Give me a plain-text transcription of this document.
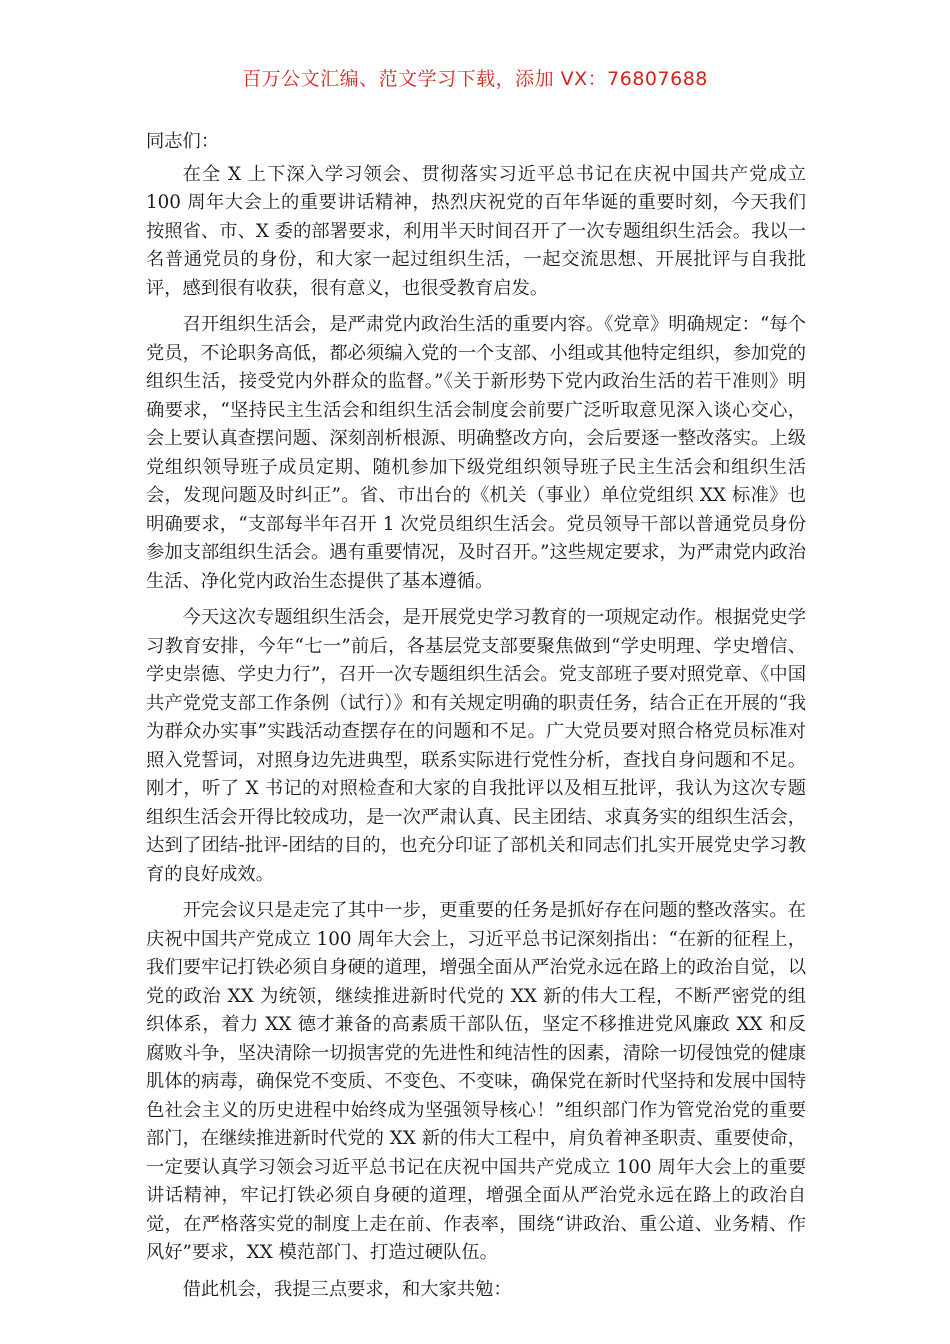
百万公文汇编、范文学习下载，添加 VX：76807688

同志们：

在全 X 上下深入学习领会、贯彻落实习近平总书记在庆祝中国共产党成立 100 周年大会上的重要讲话精神，热烈庆祝党的百年华诞的重要时刻，今天我们按照省、市、X 委的部署要求，利用半天时间召开了一次专题组织生活会。我以一名普通党员的身份，和大家一起过组织生活，一起交流思想、开展批评与自我批评，感到很有收获，很有意义，也很受教育启发。

召开组织生活会，是严肃党内政治生活的重要内容。《党章》明确规定：“每个党员，不论职务高低，都必须编入党的一个支部、小组或其他特定组织，参加党的组织生活，接受党内外群众的监督。”《关于新形势下党内政治生活的若干准则》明确要求，“坚持民主生活会和组织生活会制度会前要广泛听取意见深入谈心交心，会上要认真查摆问题、深刻剖析根源、明确整改方向，会后要逐一整改落实。上级党组织领导班子成员定期、随机参加下级党组织领导班子民主生活会和组织生活会，发现问题及时纠正”。省、市出台的《机关（事业）单位党组织 XX 标准》也明确要求，“支部每半年召开 1 次党员组织生活会。党员领导干部以普通党员身份参加支部组织生活会。遇有重要情况，及时召开。”这些规定要求，为严肃党内政治生活、净化党内政治生态提供了基本遵循。

今天这次专题组织生活会，是开展党史学习教育的一项规定动作。根据党史学习教育安排，今年“七一”前后，各基层党支部要聚焦做到“学史明理、学史增信、学史崇德、学史力行”，召开一次专题组织生活会。党支部班子要对照党章、《中国共产党党支部工作条例（试行）》和有关规定明确的职责任务，结合正在开展的“我为群众办实事”实践活动查摆存在的问题和不足。广大党员要对照合格党员标准对照入党誓词，对照身边先进典型，联系实际进行党性分析，查找自身问题和不足。刚才，听了 X 书记的对照检查和大家的自我批评以及相互批评，我认为这次专题组织生活会开得比较成功，是一次严肃认真、民主团结、求真务实的组织生活会，达到了团结-批评-团结的目的，也充分印证了部机关和同志们扎实开展党史学习教育的良好成效。

开完会议只是走完了其中一步，更重要的任务是抓好存在问题的整改落实。在庆祝中国共产党成立 100 周年大会上，习近平总书记深刻指出：“在新的征程上，我们要牢记打铁必须自身硬的道理，增强全面从严治党永远在路上的政治自觉，以党的政治 XX 为统领，继续推进新时代党的 XX 新的伟大工程，不断严密党的组织体系，着力 XX 德才兼备的高素质干部队伍，坚定不移推进党风廉政 XX 和反腐败斗争，坚决清除一切损害党的先进性和纯洁性的因素，清除一切侵蚀党的健康肌体的病毒，确保党不变质、不变色、不变味，确保党在新时代坚持和发展中国特色社会主义的历史进程中始终成为坚强领导核心！”组织部门作为管党治党的重要部门，在继续推进新时代党的 XX 新的伟大工程中，肩负着神圣职责、重要使命，一定要认真学习领会习近平总书记在庆祝中国共产党成立 100 周年大会上的重要讲话精神，牢记打铁必须自身硬的道理，增强全面从严治党永远在路上的政治自觉，在严格落实党的制度上走在前、作表率，围绕“讲政治、重公道、业务精、作风好”要求，XX 模范部门、打造过硬队伍。

借此机会，我提三点要求，和大家共勉：
